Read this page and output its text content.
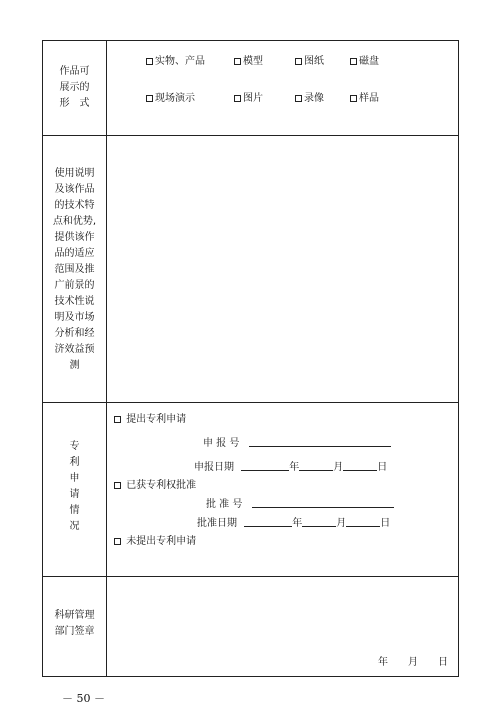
作品可
展示的
形　式
实物、产品	模型	图纸	磁盘
现场演示	图片	录像	样品
使用说明
及该作品
的技术特
点和优势,
提供该作
品的适应
范围及推
广前景的
技术性说
明及市场
分析和经
济效益预
测
专
利
申
请
情
况
提出专利申请
申 报 号
申报日期	年	月	日
已获专利权批准
批 准 号
批准日期	年	月	日
未提出专利申请
科研管理
部门签章
年　　月　　日
－ 50 －
